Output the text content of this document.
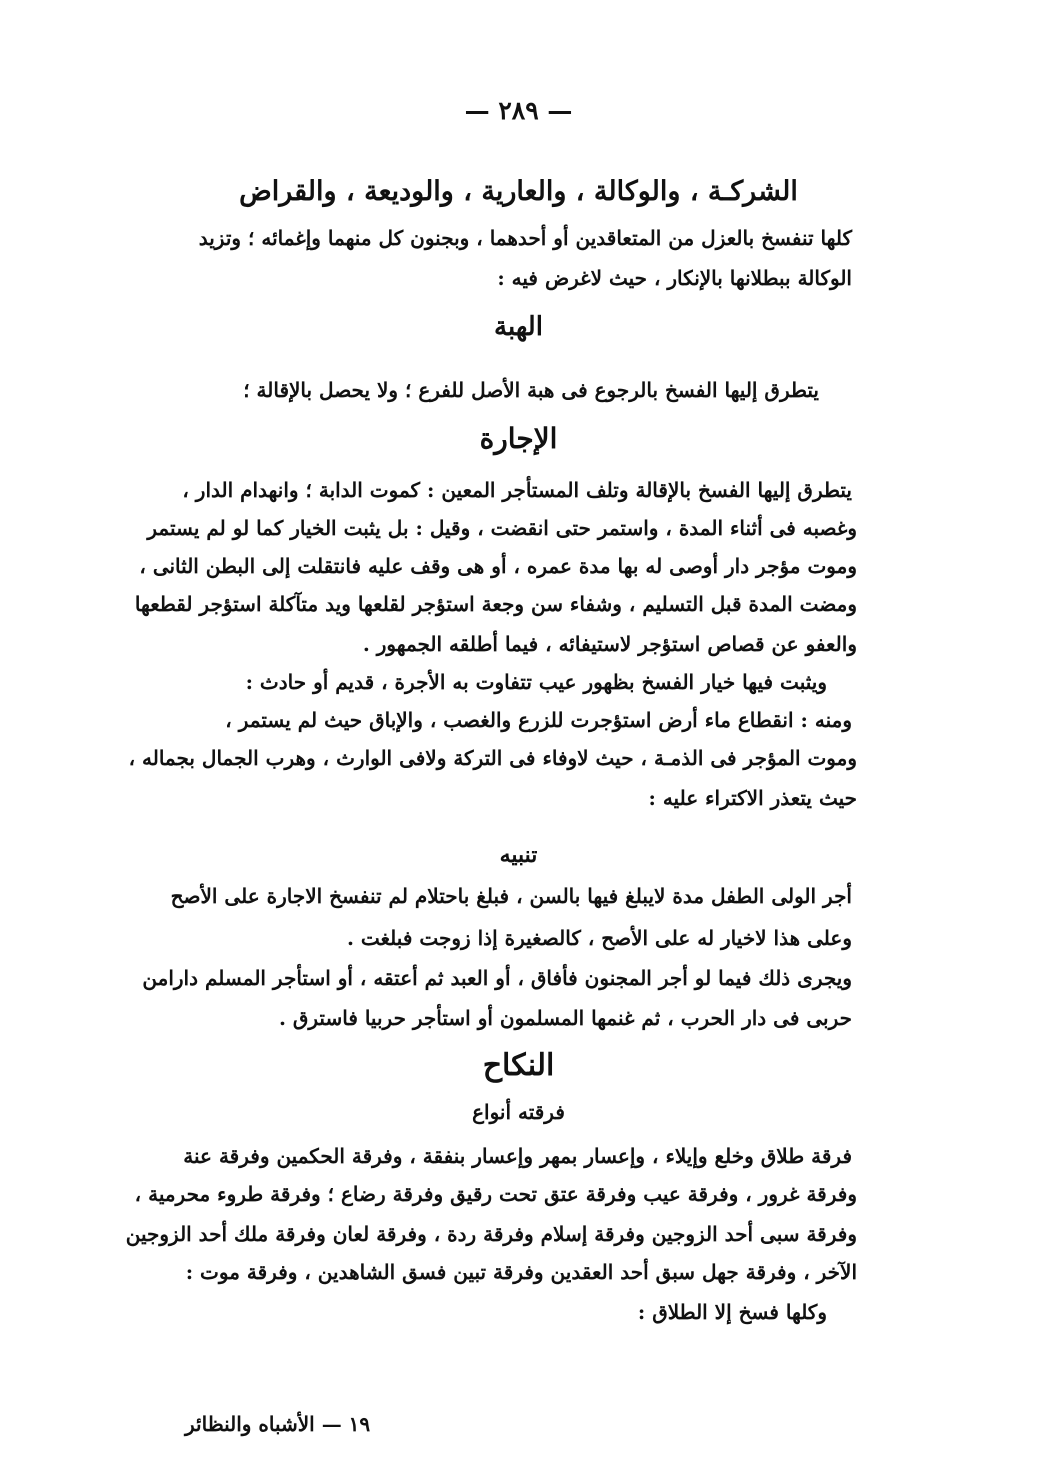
— ٢٨٩ —
الشركـة ، والوكالة ، والعارية ، والوديعة ، والقراض
كلها تنفسخ بالعزل من المتعاقدين أو أحدهما ، وبجنون كل منهما وإغمائه ؛ وتزيد
الوكالة ببطلانها بالإنكار ، حيث لاغرض فيه :
الهبة
يتطرق إليها الفسخ بالرجوع فى هبة الأصل للفرع ؛ ولا يحصل بالإقالة ؛
الإجارة
يتطرق إليها الفسخ بالإقالة وتلف المستأجر المعين : كموت الدابة ؛ وانهدام الدار ،
وغصبه فى أثناء المدة ، واستمر حتى انقضت ، وقيل : بل يثبت الخيار كما لو لم يستمر
وموت مؤجر دار أوصى له بها مدة عمره ، أو هى وقف عليه فانتقلت إلى البطن الثانى ،
ومضت المدة قبل التسليم ، وشفاء سن وجعة استؤجر لقلعها ويد متآكلة استؤجر لقطعها
والعفو عن قصاص استؤجر لاستيفائه ، فيما أطلقه الجمهور .
ويثبت فيها خيار الفسخ بظهور عيب تتفاوت به الأجرة ، قديم أو حادث :
ومنه : انقطاع ماء أرض استؤجرت للزرع والغصب ، والإباق حيث لم يستمر ،
وموت المؤجر فى الذمـة ، حيث لاوفاء فى التركة ولافى الوارث ، وهرب الجمال بجماله ،
حيث يتعذر الاكتراء عليه :
تنبيه
أجر الولى الطفل مدة لايبلغ فيها بالسن ، فبلغ باحتلام لم تنفسخ الاجارة على الأصح
وعلى هذا لاخيار له على الأصح ، كالصغيرة إذا زوجت فبلغت .
ويجرى ذلك فيما لو أجر المجنون فأفاق ، أو العبد ثم أعتقه ، أو استأجر المسلم دارامن
حربى فى دار الحرب ، ثم غنمها المسلمون أو استأجر حربيا فاسترق .
النكاح
فرقته أنواع
فرقة طلاق وخلع وإيلاء ، وإعسار بمهر وإعسار بنفقة ، وفرقة الحكمين وفرقة عنة
وفرقة غرور ، وفرقة عيب وفرقة عتق تحت رقيق وفرقة رضاع ؛ وفرقة طروء محرمية ،
وفرقة سبى أحد الزوجين وفرقة إسلام وفرقة ردة ، وفرقة لعان وفرقة ملك أحد الزوجين
الآخر ، وفرقة جهل سبق أحد العقدين وفرقة تبين فسق الشاهدين ، وفرقة موت :
وكلها فسخ إلا الطلاق :
١٩ — الأشباه والنظائر
